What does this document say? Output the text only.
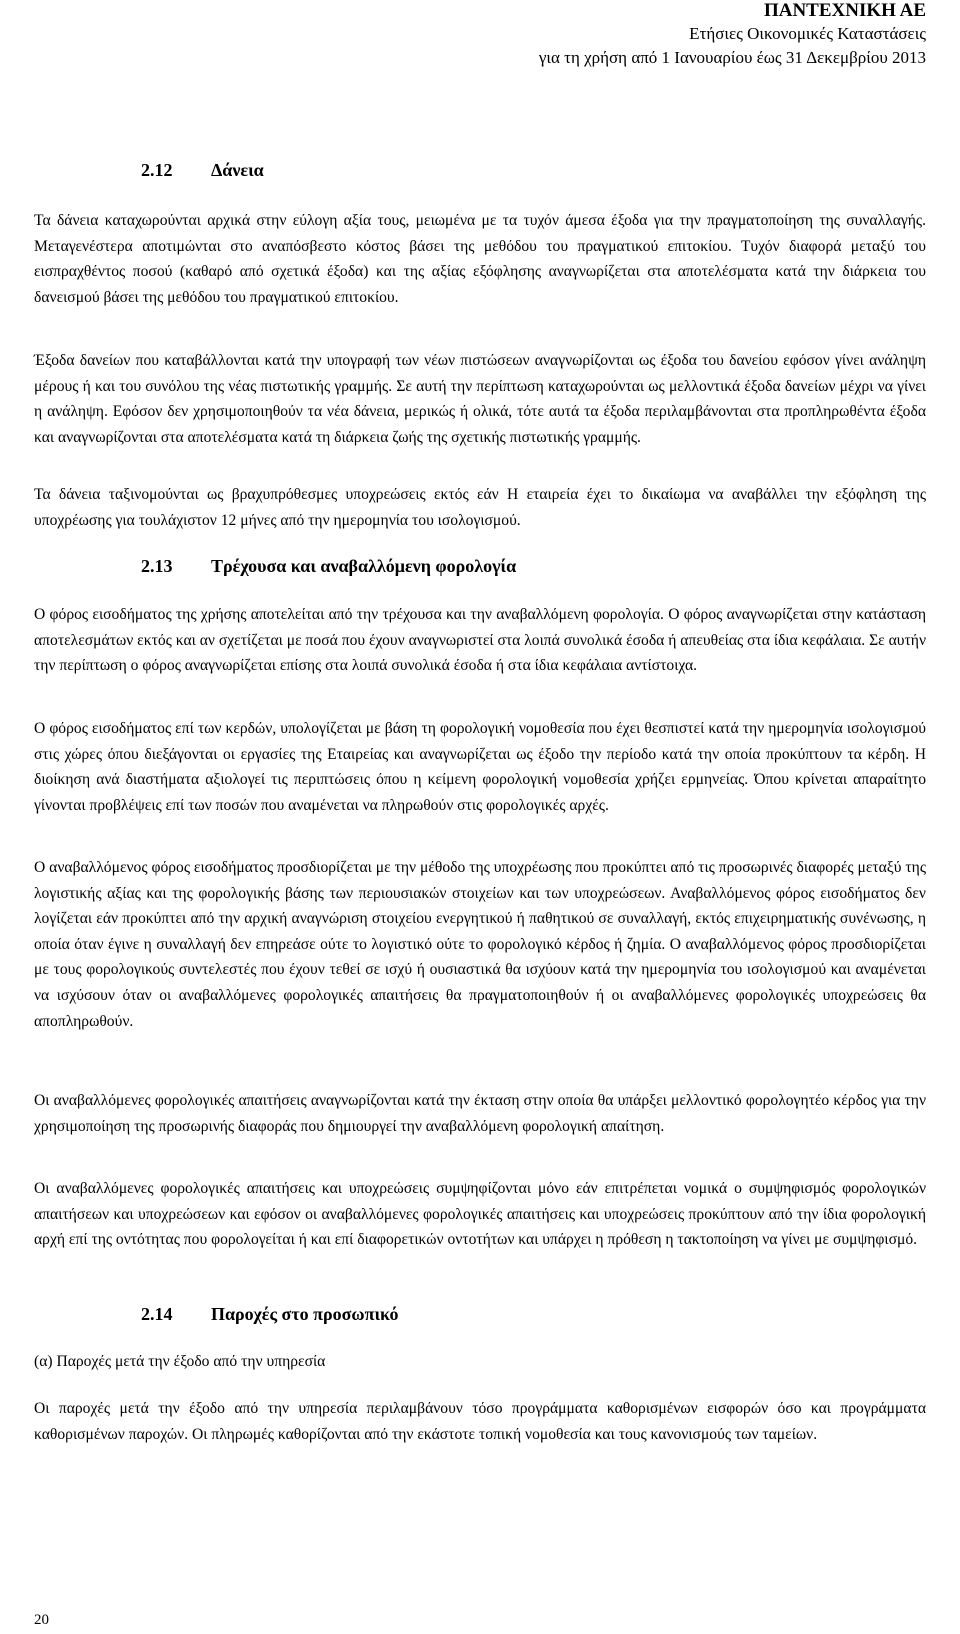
ΠΑΝΤΕΧΝΙΚΗ ΑΕ
Ετήσιες Οικονομικές Καταστάσεις
για τη χρήση από 1 Ιανουαρίου έως 31 Δεκεμβρίου 2013
2.12 Δάνεια

Τα δάνεια καταχωρούνται αρχικά στην εύλογη αξία τους, μειωμένα με τα τυχόν άμεσα έξοδα για την πραγματοποίηση της συναλλαγής. Μεταγενέστερα αποτιμώνται στο αναπόσβεστο κόστος βάσει της μεθόδου του πραγματικού επιτοκίου. Τυχόν διαφορά μεταξύ του εισπραχθέντος ποσού (καθαρό από σχετικά έξοδα) και της αξίας εξόφλησης αναγνωρίζεται στα αποτελέσματα κατά την διάρκεια του δανεισμού βάσει της μεθόδου του πραγματικού επιτοκίου.

Έξοδα δανείων που καταβάλλονται κατά την υπογραφή των νέων πιστώσεων αναγνωρίζονται ως έξοδα του δανείου εφόσον γίνει ανάληψη μέρους ή και του συνόλου της νέας πιστωτικής γραμμής. Σε αυτή την περίπτωση καταχωρούνται ως μελλοντικά έξοδα δανείων μέχρι να γίνει η ανάληψη. Εφόσον δεν χρησιμοποιηθούν τα νέα δάνεια, μερικώς ή ολικά, τότε αυτά τα έξοδα περιλαμβάνονται στα προπληρωθέντα έξοδα και αναγνωρίζονται στα αποτελέσματα κατά τη διάρκεια ζωής της σχετικής πιστωτικής γραμμής.

Τα δάνεια ταξινομούνται ως βραχυπρόθεσμες υποχρεώσεις εκτός εάν Η εταιρεία έχει το δικαίωμα να αναβάλλει την εξόφληση της υποχρέωσης για τουλάχιστον 12 μήνες από την ημερομηνία του ισολογισμού.

2.13 Τρέχουσα και αναβαλλόμενη φορολογία

Ο φόρος εισοδήματος της χρήσης αποτελείται από την τρέχουσα και την αναβαλλόμενη φορολογία. Ο φόρος αναγνωρίζεται στην κατάσταση αποτελεσμάτων εκτός και αν σχετίζεται με ποσά που έχουν αναγνωριστεί στα λοιπά συνολικά έσοδα ή απευθείας στα ίδια κεφάλαια. Σε αυτήν την περίπτωση ο φόρος αναγνωρίζεται επίσης στα λοιπά συνολικά έσοδα ή στα ίδια κεφάλαια αντίστοιχα.

Ο φόρος εισοδήματος επί των κερδών, υπολογίζεται με βάση τη φορολογική νομοθεσία που έχει θεσπιστεί κατά την ημερομηνία ισολογισμού στις χώρες όπου διεξάγονται οι εργασίες της Εταιρείας και αναγνωρίζεται ως έξοδο την περίοδο κατά την οποία προκύπτουν τα κέρδη. Η διοίκηση ανά διαστήματα αξιολογεί τις περιπτώσεις όπου η κείμενη φορολογική νομοθεσία χρήζει ερμηνείας. Όπου κρίνεται απαραίτητο γίνονται προβλέψεις επί των ποσών που αναμένεται να πληρωθούν στις φορολογικές αρχές.

Ο αναβαλλόμενος φόρος εισοδήματος προσδιορίζεται με την μέθοδο της υποχρέωσης που προκύπτει από τις προσωρινές διαφορές μεταξύ της λογιστικής αξίας και της φορολογικής βάσης των περιουσιακών στοιχείων και των υποχρεώσεων. Αναβαλλόμενος φόρος εισοδήματος δεν λογίζεται εάν προκύπτει από την αρχική αναγνώριση στοιχείου ενεργητικού ή παθητικού σε συναλλαγή, εκτός επιχειρηματικής συνένωσης, η οποία όταν έγινε η συναλλαγή δεν επηρεάσε ούτε το λογιστικό ούτε το φορολογικό κέρδος ή ζημία. Ο αναβαλλόμενος φόρος προσδιορίζεται με τους φορολογικούς συντελεστές που έχουν τεθεί σε ισχύ ή ουσιαστικά θα ισχύουν κατά την ημερομηνία του ισολογισμού και αναμένεται να ισχύσουν όταν οι αναβαλλόμενες φορολογικές απαιτήσεις θα πραγματοποιηθούν ή οι αναβαλλόμενες φορολογικές υποχρεώσεις θα αποπληρωθούν.

Οι αναβαλλόμενες φορολογικές απαιτήσεις αναγνωρίζονται κατά την έκταση στην οποία θα υπάρξει μελλοντικό φορολογητέο κέρδος για την χρησιμοποίηση της προσωρινής διαφοράς που δημιουργεί την αναβαλλόμενη φορολογική απαίτηση.

Οι αναβαλλόμενες φορολογικές απαιτήσεις και υποχρεώσεις συμψηφίζονται μόνο εάν επιτρέπεται νομικά ο συμψηφισμός φορολογικών απαιτήσεων και υποχρεώσεων και εφόσον οι αναβαλλόμενες φορολογικές απαιτήσεις και υποχρεώσεις προκύπτουν από την ίδια φορολογική αρχή επί της οντότητας που φορολογείται ή και επί διαφορετικών οντοτήτων και υπάρχει η πρόθεση η τακτοποίηση να γίνει με συμψηφισμό.

2.14 Παροχές στο προσωπικό

(α) Παροχές μετά την έξοδο από την υπηρεσία

Οι παροχές μετά την έξοδο από την υπηρεσία περιλαμβάνουν τόσο προγράμματα καθορισμένων εισφορών όσο και προγράμματα καθορισμένων παροχών. Οι πληρωμές καθορίζονται από την εκάστοτε τοπική νομοθεσία και τους κανονισμούς των ταμείων.

20
